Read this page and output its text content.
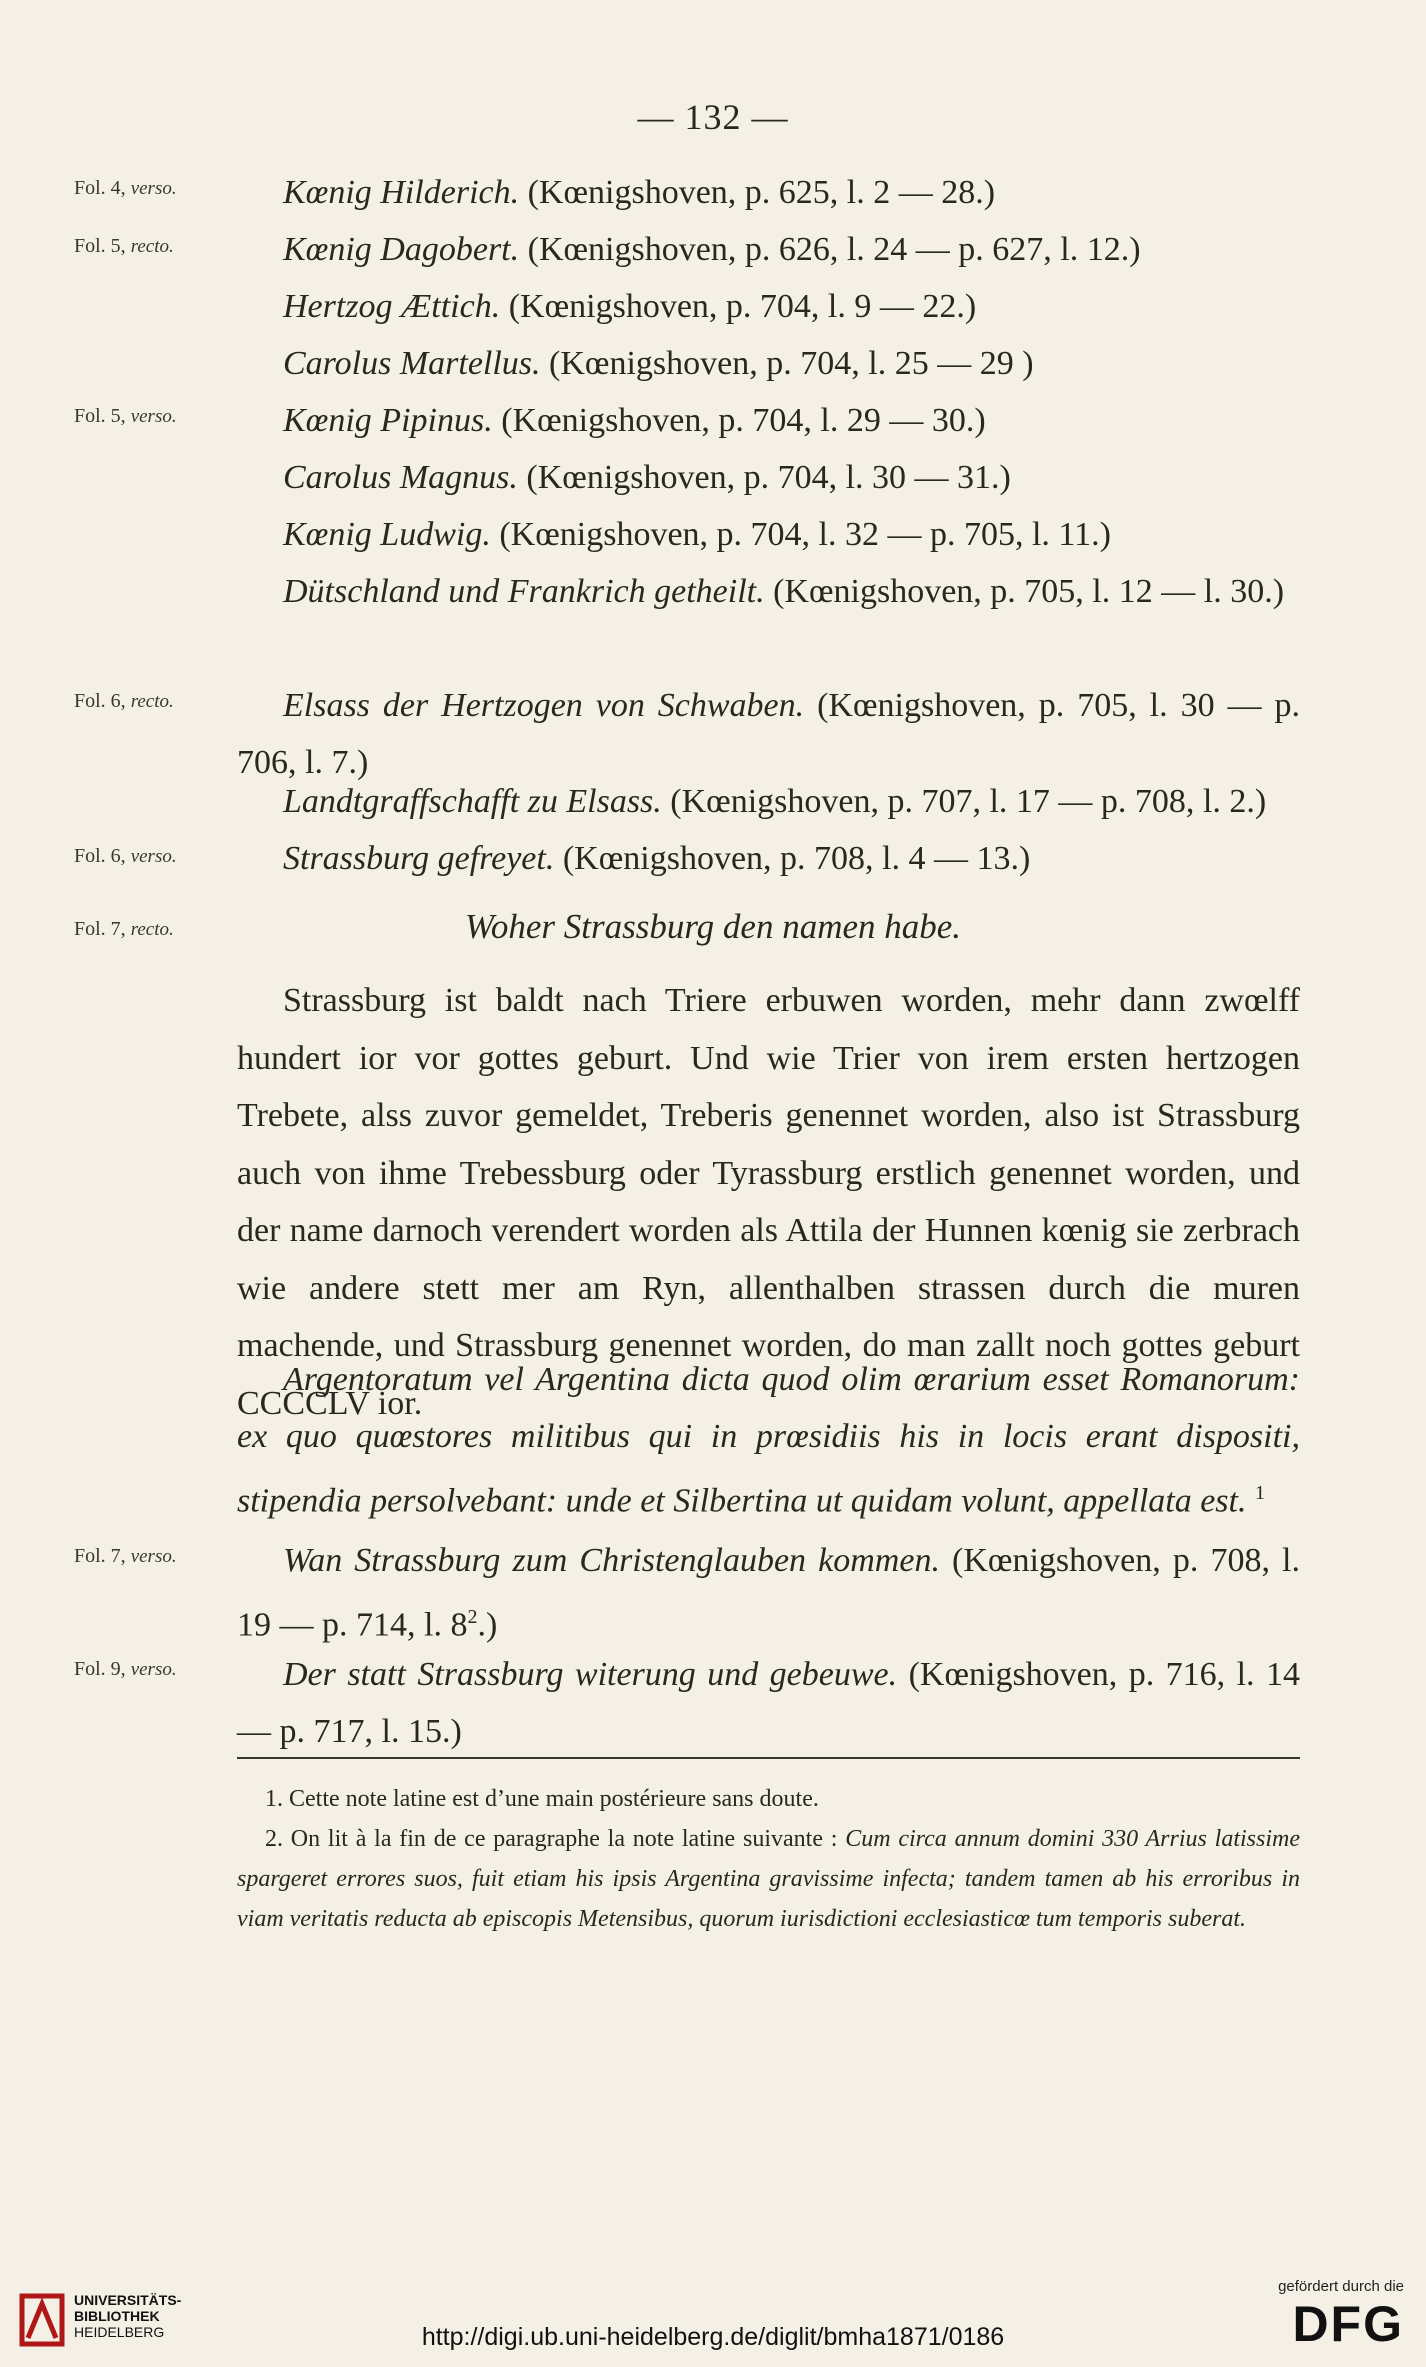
— 132 —
Fol. 4, verso.
Fol. 5, recto.
Fol. 5, verso.
Fol. 6, recto.
Fol. 6, verso.
Fol. 7, recto.
Fol. 7, verso.
Fol. 9, verso.
Kœnig Hilderich. (Kœnigshoven, p. 625, l. 2 — 28.)
Kœnig Dagobert. (Kœnigshoven, p. 626, l. 24 — p. 627, l. 12.)
Hertzog Ættich. (Kœnigshoven, p. 704, l. 9 — 22.)
Carolus Martellus. (Kœnigshoven, p. 704, l. 25 — 29 )
Kœnig Pipinus. (Kœnigshoven, p. 704, l. 29 — 30.)
Carolus Magnus. (Kœnigshoven, p. 704, l. 30 — 31.)
Kœnig Ludwig. (Kœnigshoven, p. 704, l. 32 — p. 705, l. 11.)
Dütschland und Frankrich getheilt. (Kœnigshoven, p. 705, l. 12 — l. 30.)
Elsass der Hertzogen von Schwaben. (Kœnigshoven, p. 705, l. 30 — p. 706, l. 7.)
Landtgraffschafft zu Elsass. (Kœnigshoven, p. 707, l. 17 — p. 708, l. 2.)
Strassburg gefreyet. (Kœnigshoven, p. 708, l. 4 — 13.)
Woher Strassburg den namen habe.
Strassburg ist baldt nach Triere erbuwen worden, mehr dann zwœlff hundert ior vor gottes geburt. Und wie Trier von irem ersten hertzogen Trebete, alss zuvor gemeldet, Treberis genennet worden, also ist Strassburg auch von ihme Trebessburg oder Tyrassburg erstlich genennet worden, und der name darnoch verendert worden als Attila der Hunnen kœnig sie zerbrach wie andere stett mer am Ryn, allenthalben strassen durch die muren machende, und Strassburg genennet worden, do man zallt noch gottes geburt CCCCLV ior.
Argentoratum vel Argentina dicta quod olim œrarium esset Romanorum: ex quo quœstores militibus qui in prœsidiis his in locis erant dispositi, stipendia persolvebant: unde et Silbertina ut quidam volunt, appellata est. $^1$
Wan Strassburg zum Christenglauben kommen. (Kœnigshoven, p. 708, l. 19 — p. 714, l. $8^2$.)
Der statt Strassburg witerung und gebeuwe. (Kœnigshoven, p. 716, l. 14 — p. 717, l. 15.)

1. Cette note latine est d’une main postérieure sans doute.

2. On lit à la fin de ce paragraphe la note latine suivante : Cum circa annum domini 330 Arrius latissime spargeret errores suos, fuit etiam his ipsis Argentina gravissime infecta; tandem tamen ab his erroribus in viam veritatis reducta ab episcopis Metensibus, quorum iurisdictioni ecclesiasticœ tum temporis suberat.

UNIVERSITÄTS-
BIBLIOTHEK
HEIDELBERG	http://digi.ub.uni-heidelberg.de/diglit/bmha1871/0186
gefördert durch die
DFG
